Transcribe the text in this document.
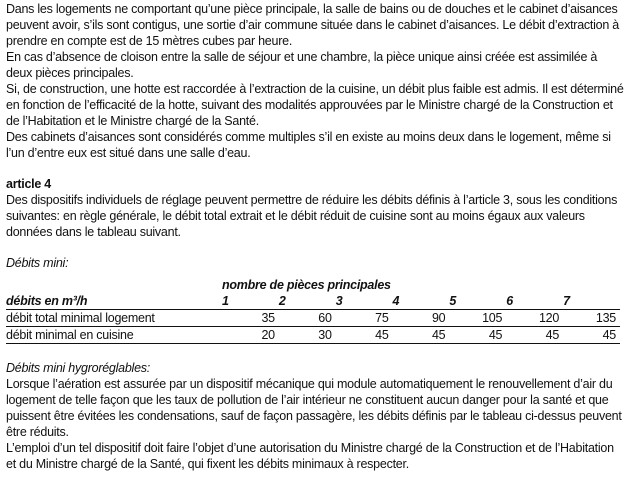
Dans les logements ne comportant qu’une pièce principale, la salle de bains ou de douches et le cabinet d’aisances peuvent avoir, s’ils sont contigus, une sortie d’air commune située dans le cabinet d’aisances. Le débit d’extraction à prendre en compte est de 15 mètres cubes par heure.

En cas d’absence de cloison entre la salle de séjour et une chambre, la pièce unique ainsi créée est assimilée à deux pièces principales.

Si, de construction, une hotte est raccordée à l’extraction de la cuisine, un débit plus faible est admis. Il est déterminé en fonction de l’efficacité de la hotte, suivant des modalités approuvées par le Ministre chargé de la Construction et de l’Habitation et le Ministre chargé de la Santé.

Des cabinets d’aisances sont considérés comme multiples s’il en existe au moins deux dans le logement, même si l’un d’entre eux est situé dans une salle d’eau.

article 4

Des dispositifs individuels de réglage peuvent permettre de réduire les débits définis à l’article 3, sous les conditions suivantes: en règle générale, le débit total extrait et le débit réduit de cuisine sont au moins égaux aux valeurs données dans le tableau suivant.

Débits mini:

	nombre de pièces principales						
débits en m³/h	1	2	3	4	5	6	7
débit total minimal logement	35	60	75	90	105	120	135
débit minimal en cuisine	20	30	45	45	45	45	45

Débits mini hygroréglables:

Lorsque l’aération est assurée par un dispositif mécanique qui module automatiquement le renouvellement d’air du logement de telle façon que les taux de pollution de l’air intérieur ne constituent aucun danger pour la santé et que puissent être évitées les condensations, sauf de façon passagère, les débits définis par le tableau ci-dessus peuvent être réduits.

L’emploi d’un tel dispositif doit faire l’objet d’une autorisation du Ministre chargé de la Construction et de l’Habitation et du Ministre chargé de la Santé, qui fixent les débits minimaux à respecter.
